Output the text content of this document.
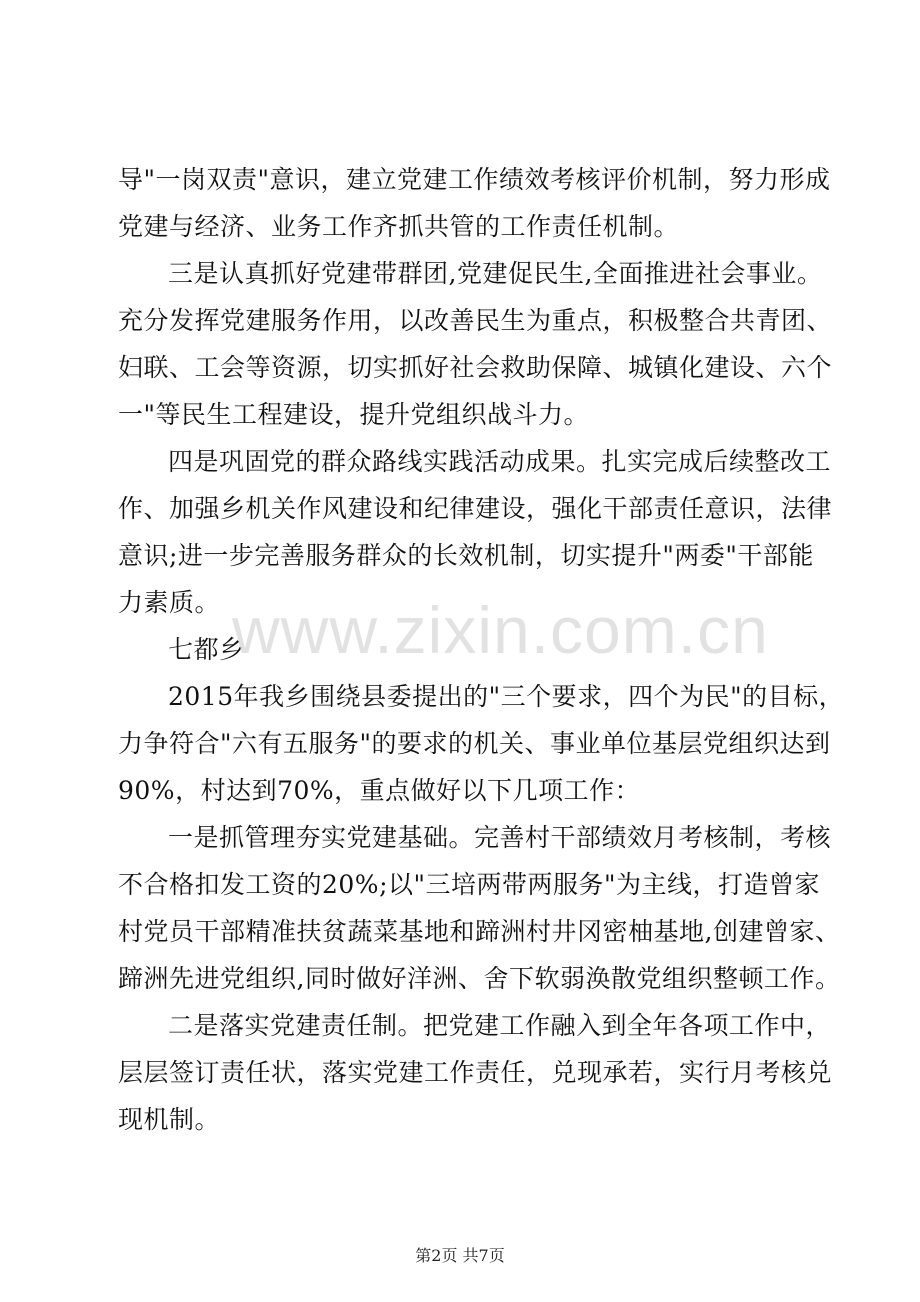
导"一岗双责"意识，建立党建工作绩效考核评价机制，努力形成
党建与经济、业务工作齐抓共管的工作责任机制。
三是认真抓好党建带群团,党建促民生,全面推进社会事业。
充分发挥党建服务作用，以改善民生为重点，积极整合共青团、
妇联、工会等资源，切实抓好社会救助保障、城镇化建设、六个
一"等民生工程建设，提升党组织战斗力。
四是巩固党的群众路线实践活动成果。扎实完成后续整改工
作、加强乡机关作风建设和纪律建设，强化干部责任意识，法律
意识;进一步完善服务群众的长效机制，切实提升"两委"干部能
力素质。
七都乡
2015年我乡围绕县委提出的"三个要求，四个为民"的目标，
力争符合"六有五服务"的要求的机关、事业单位基层党组织达到
90%，村达到70%，重点做好以下几项工作：
一是抓管理夯实党建基础。完善村干部绩效月考核制，考核
不合格扣发工资的20%;以"三培两带两服务"为主线，打造曾家
村党员干部精准扶贫蔬菜基地和蹄洲村井冈密柚基地,创建曾家、
蹄洲先进党组织,同时做好洋洲、舍下软弱涣散党组织整顿工作。
二是落实党建责任制。把党建工作融入到全年各项工作中，
层层签订责任状，落实党建工作责任，兑现承若，实行月考核兑
现机制。
www.zixin.com.cn
第2页 共7页
